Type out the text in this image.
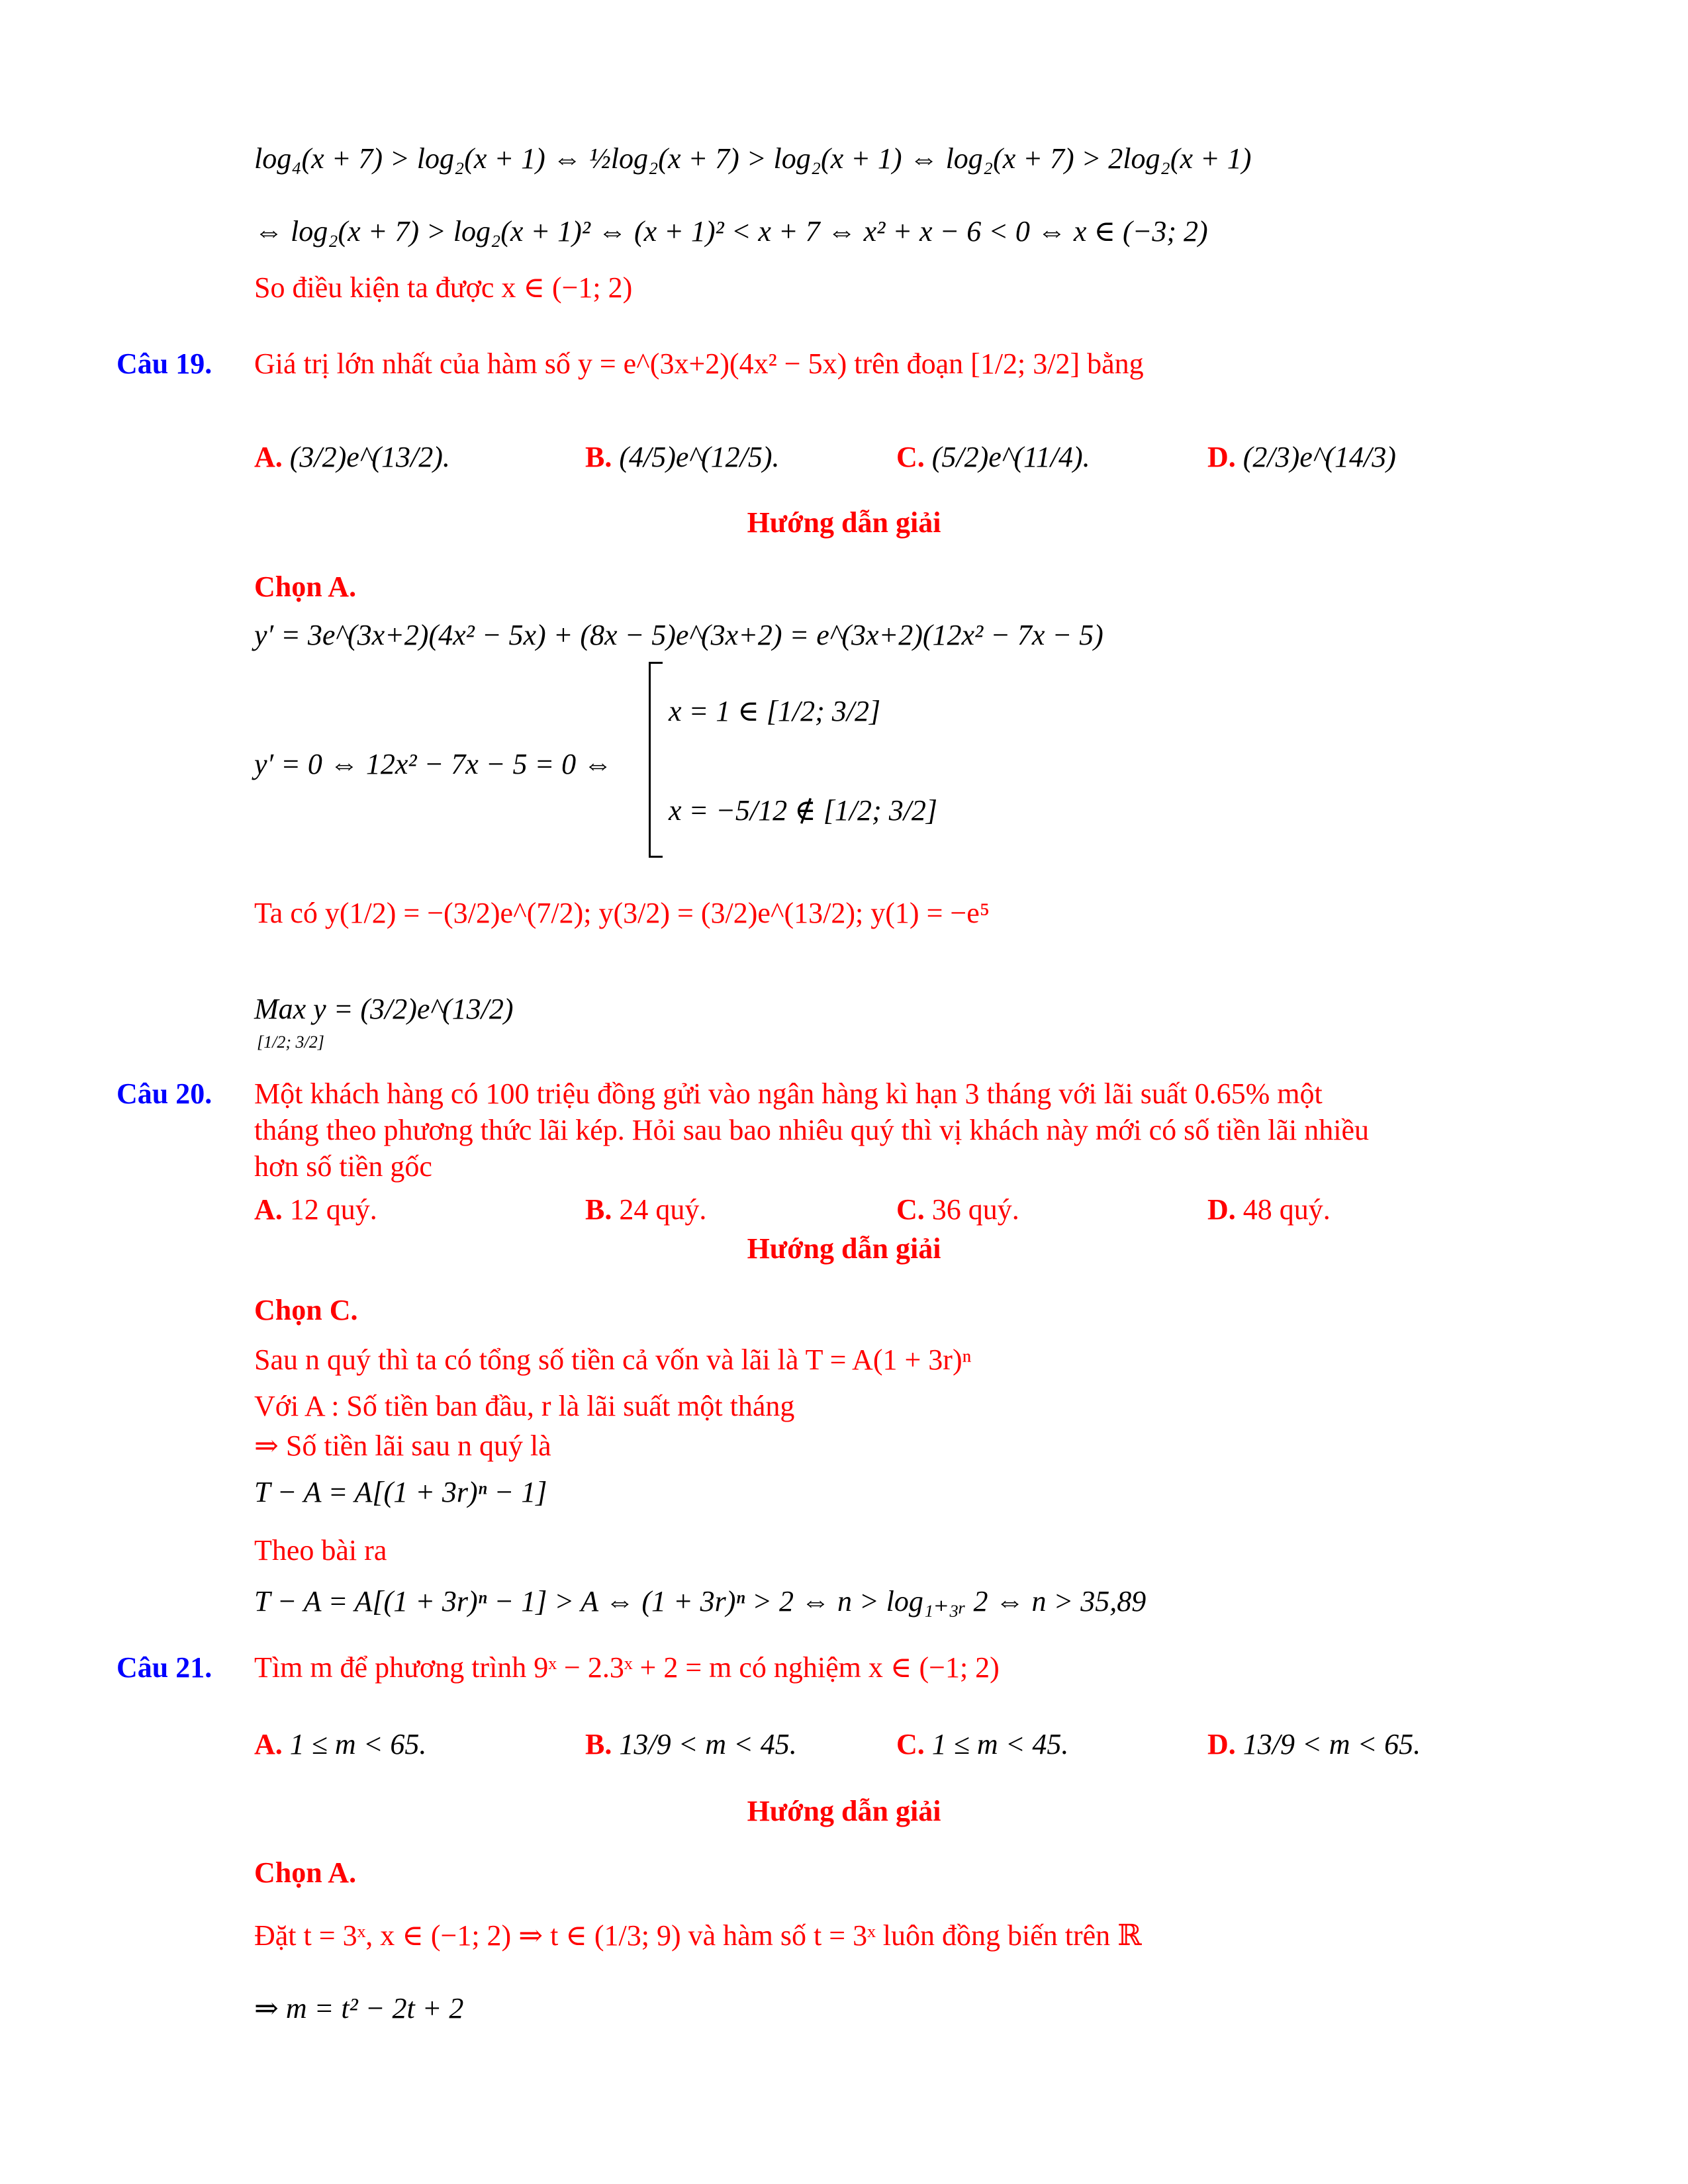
log₄(x + 7) > log₂(x + 1) ⇔ ½log₂(x + 7) > log₂(x + 1) ⇔ log₂(x + 7) > 2log₂(x + 1)
⇔ log₂(x + 7) > log₂(x + 1)² ⇔ (x + 1)² < x + 7 ⇔ x² + x − 6 < 0 ⇔ x ∈ (−3; 2)
So điều kiện ta được x ∈ (−1; 2)
Câu 19. Giá trị lớn nhất của hàm số y = e^(3x+2)(4x² − 5x) trên đoạn [1/2; 3/2] bằng
A. (3/2)e^(13/2).	B. (4/5)e^(12/5).	C. (5/2)e^(11/4).	D. (2/3)e^(14/3)
Hướng dẫn giải
Chọn A.
y′ = 3e^(3x+2)(4x² − 5x) + (8x − 5)e^(3x+2) = e^(3x+2)(12x² − 7x − 5)
y′ = 0 ⇔ 12x² − 7x − 5 = 0 ⇔
x = 1 ∈ [1/2; 3/2]
x = −5/12 ∉ [1/2; 3/2]
Ta có y(1/2) = −(3/2)e^(7/2); y(3/2) = (3/2)e^(13/2); y(1) = −e⁵
Max y = (3/2)e^(13/2)
[1/2; 3/2]
Câu 20. Một khách hàng có 100 triệu đồng gửi vào ngân hàng kì hạn 3 tháng với lãi suất 0.65% một
tháng theo phương thức lãi kép. Hỏi sau bao nhiêu quý thì vị khách này mới có số tiền lãi nhiều
hơn số tiền gốc
A. 12 quý.	B. 24 quý.	C. 36 quý.	D. 48 quý.
Hướng dẫn giải
Chọn C.
Sau n quý thì ta có tổng số tiền cả vốn và lãi là T = A(1 + 3r)ⁿ
Với A : Số tiền ban đầu, r là lãi suất một tháng
⇒ Số tiền lãi sau n quý là
T − A = A[(1 + 3r)ⁿ − 1]
Theo bài ra
T − A = A[(1 + 3r)ⁿ − 1] > A ⇔ (1 + 3r)ⁿ > 2 ⇔ n > log₁₊₃ᵣ 2 ⇔ n > 35,89
Câu 21. Tìm m để phương trình 9ˣ − 2.3ˣ + 2 = m có nghiệm x ∈ (−1; 2)
A. 1 ≤ m < 65.	B. 13/9 < m < 45.	C. 1 ≤ m < 45.	D. 13/9 < m < 65.
Hướng dẫn giải
Chọn A.
Đặt t = 3ˣ, x ∈ (−1; 2) ⇒ t ∈ (1/3; 9) và hàm số t = 3ˣ luôn đồng biến trên ℝ
⇒ m = t² − 2t + 2
